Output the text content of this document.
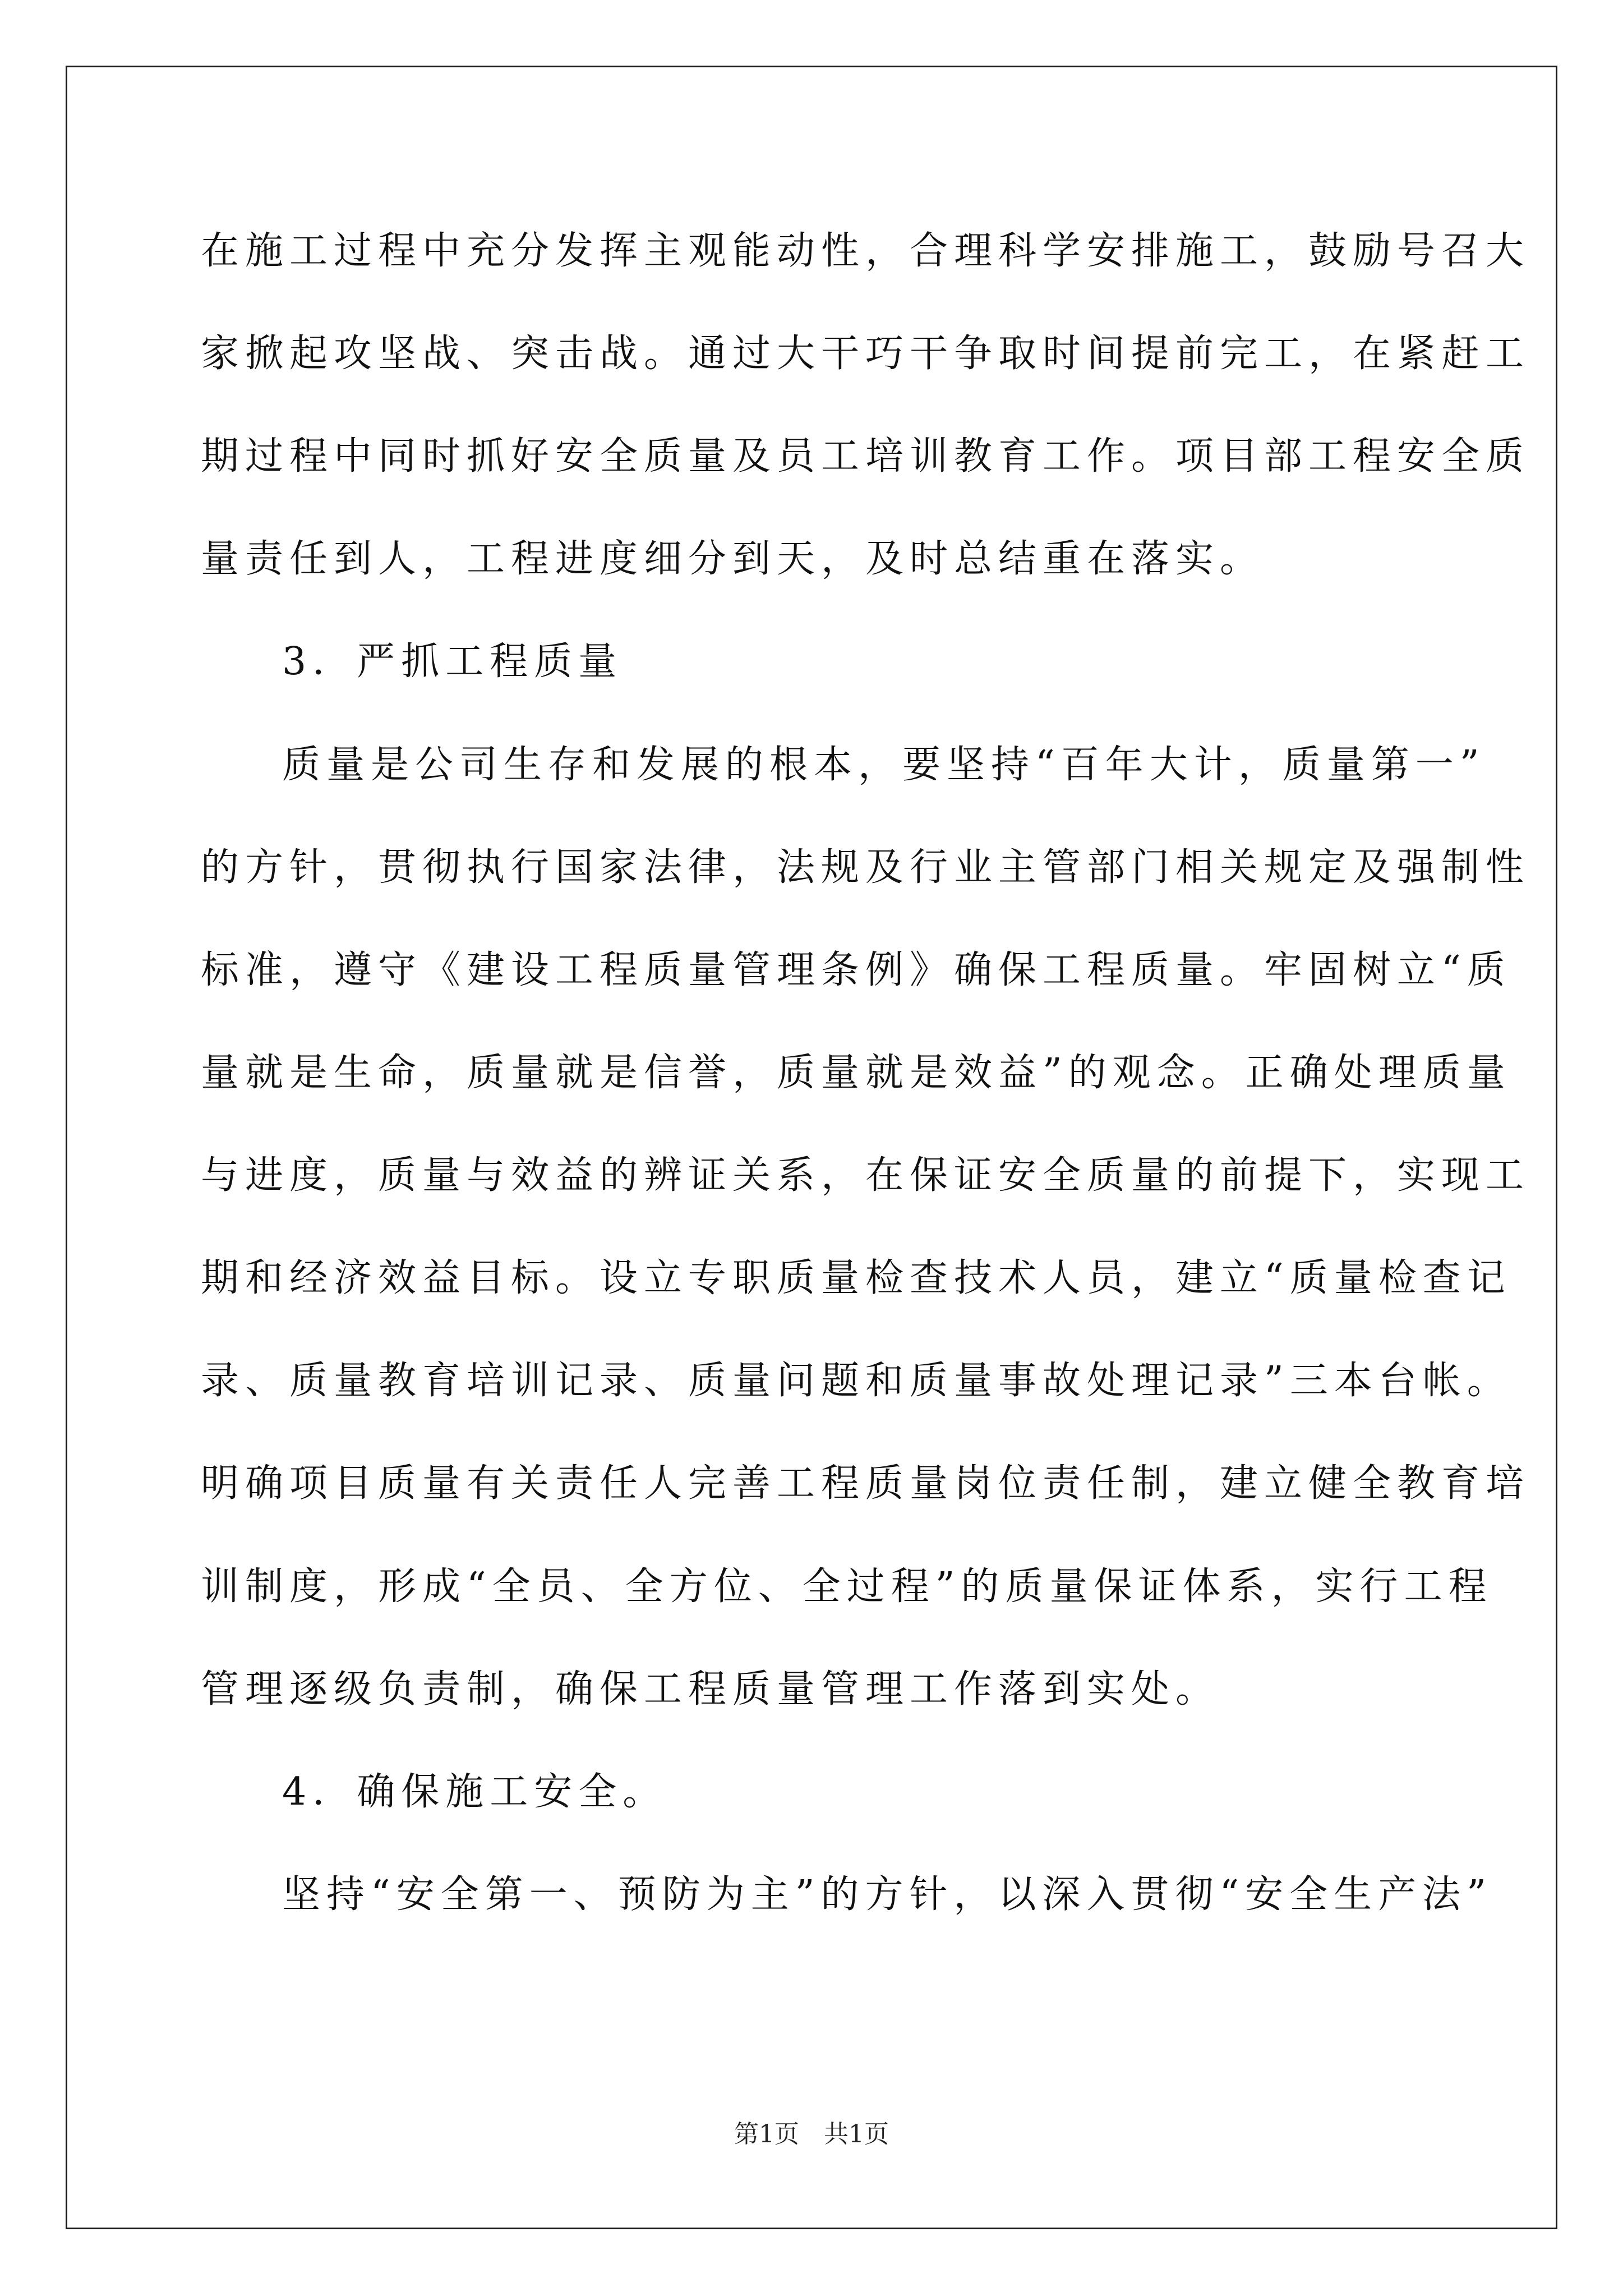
在施工过程中充分发挥主观能动性，合理科学安排施工，鼓励号召大
家掀起攻坚战、突击战。通过大干巧干争取时间提前完工，在紧赶工
期过程中同时抓好安全质量及员工培训教育工作。项目部工程安全质
量责任到人，工程进度细分到天，及时总结重在落实。
3．严抓工程质量
质量是公司生存和发展的根本，要坚持“百年大计，质量第一”
的方针，贯彻执行国家法律，法规及行业主管部门相关规定及强制性
标准，遵守《建设工程质量管理条例》确保工程质量。牢固树立“质
量就是生命，质量就是信誉，质量就是效益”的观念。正确处理质量
与进度，质量与效益的辨证关系，在保证安全质量的前提下，实现工
期和经济效益目标。设立专职质量检查技术人员，建立“质量检查记
录、质量教育培训记录、质量问题和质量事故处理记录”三本台帐。
明确项目质量有关责任人完善工程质量岗位责任制，建立健全教育培
训制度，形成“全员、全方位、全过程”的质量保证体系，实行工程
管理逐级负责制，确保工程质量管理工作落到实处。
4．确保施工安全。
坚持“安全第一、预防为主”的方针，以深入贯彻“安全生产法”
第1页　共1页
